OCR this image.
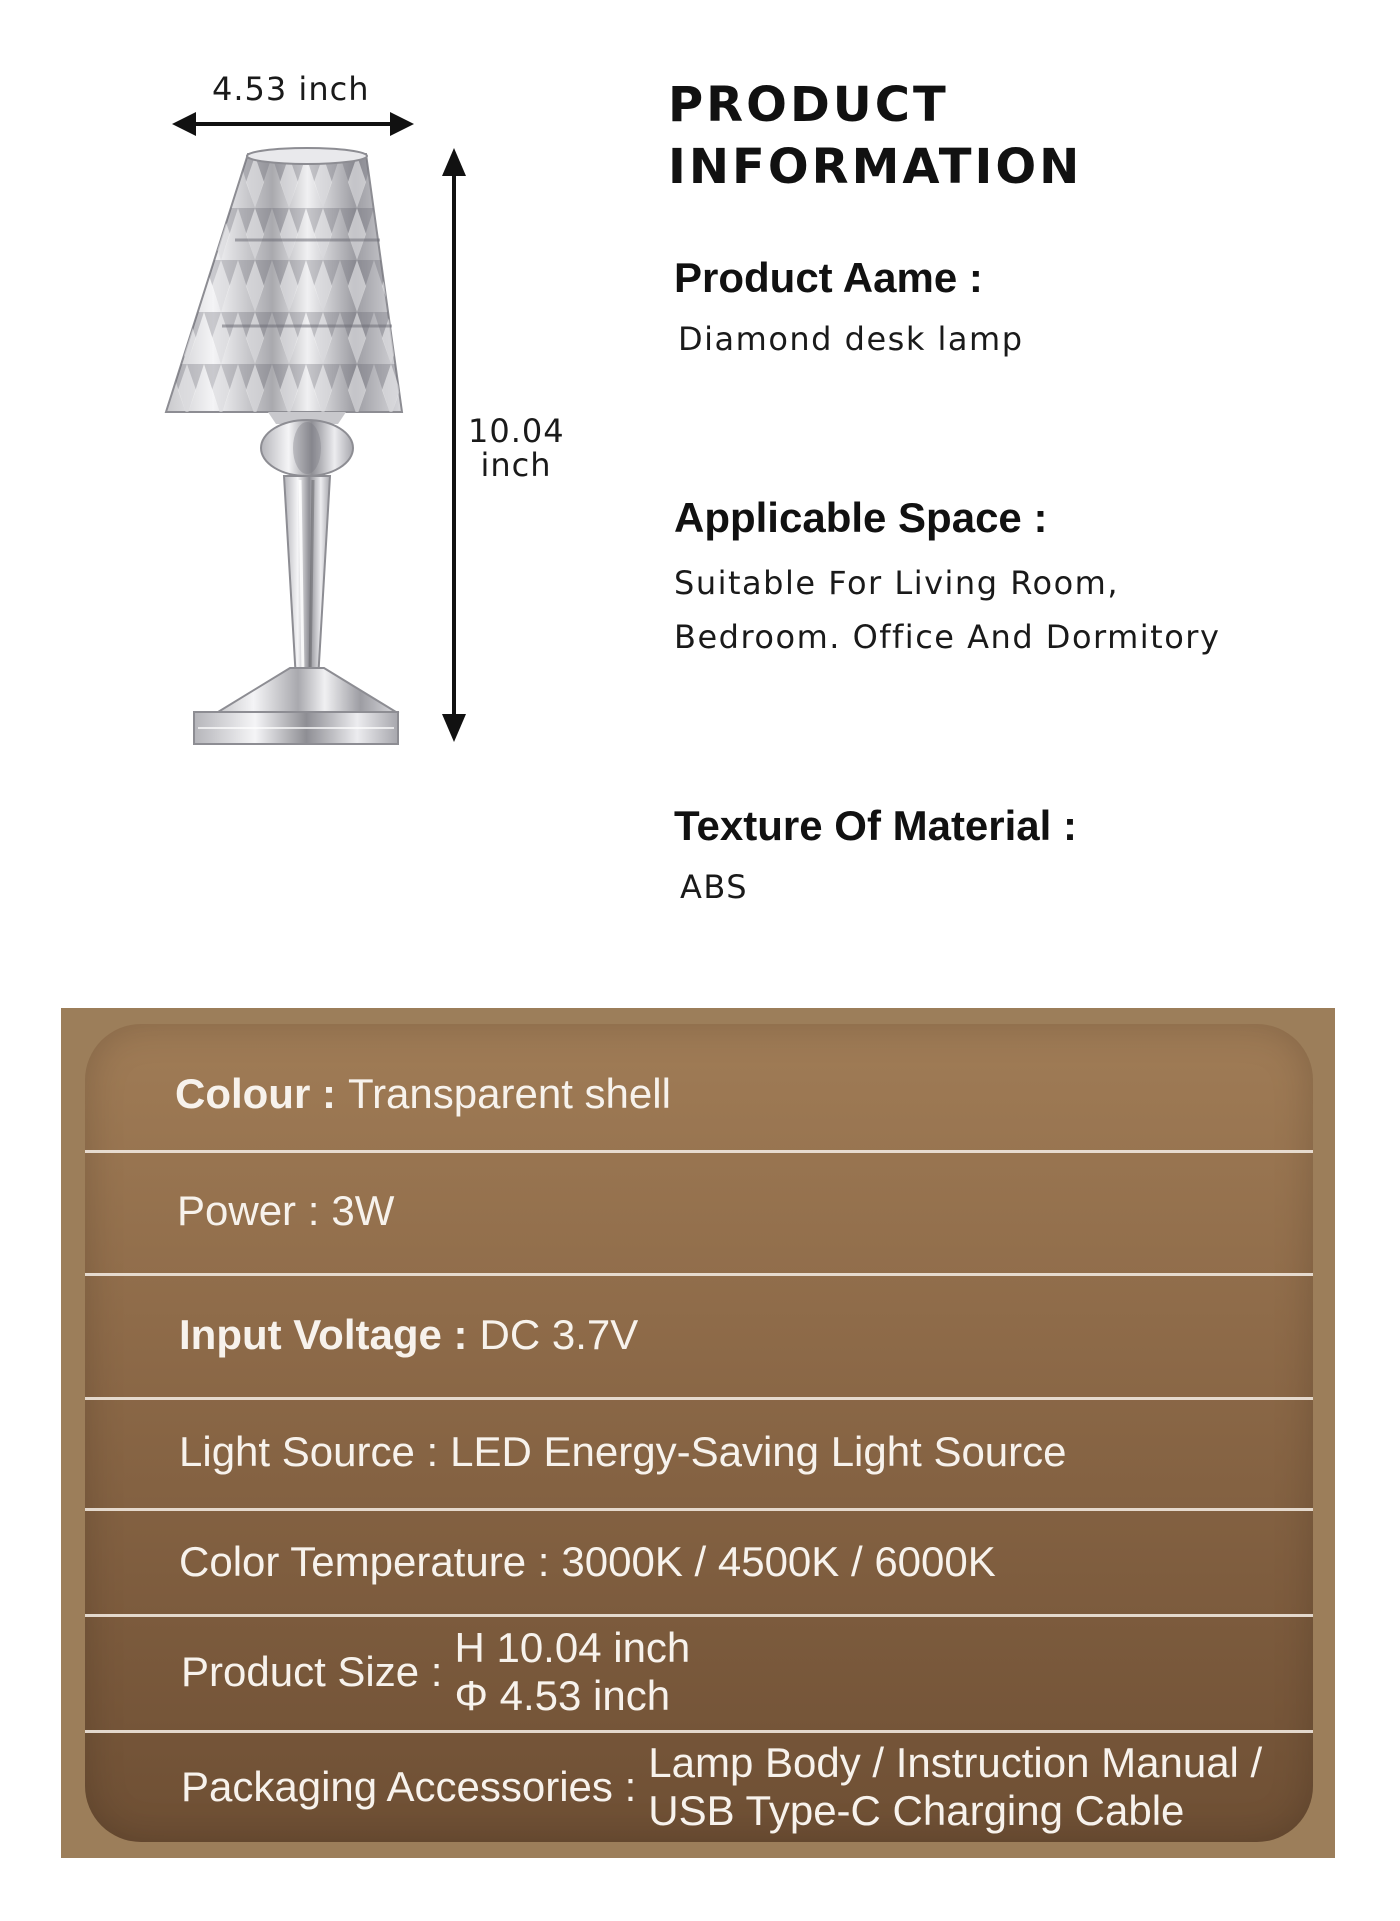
4.53 inch
10.04
inch
PRODUCT
INFORMATION
Product Aame :
Diamond desk lamp
Applicable Space :
Suitable For Living Room,
Bedroom. Office And Dormitory
Texture Of Material :
ABS
Colour : Transparent shell
Power : 3W
Input Voltage : DC 3.7V
Light Source : LED Energy-Saving Light Source
Color Temperature : 3000K / 4500K / 6000K
Product Size :
H 10.04 inch
Φ 4.53 inch
Packaging Accessories :
Lamp Body / Instruction Manual /
USB Type-C Charging Cable
